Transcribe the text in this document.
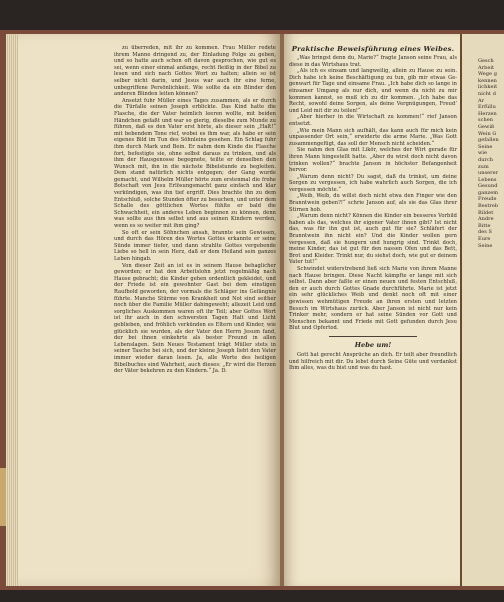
zu überreden, mit ihr zu kommen. Frau Müller redete ihrem Manne dringend zu, der Einladung Folge zu geben, und so hatte auch schon oft davon gesprochen, wie gut es sei, wenn einer einmal anfange, recht fleißig in der Bibel zu lesen und sich nach Gottes Wort zu halten; allein so ist selber nicht darin, und Jesus war auch ihr eine ferne, unbegriffene Persönlichkeit. Wie sollte da ein Blinder den anderen Blinden leiten können?

Ansetzt fuhr Müller eines Tages zusammen, als er durch die Türfalle seinen Joseph erblickte. Das Kind hatte die Flasche, die der Vater heimlich leeren wollte, mit beiden Händchen gefaßt und war so gierig, dieselbe zum Munde zu führen, daß es den Vater erst hörte, als dieser sein „Halt!“ mit bebendem Tone rief, wobei es ihm war, als habe er sein eigenes Bild im Tun des Söhnleins gesehen. Ein Schlag fuhr ihm durch Mark und Bein. Er nahm dem Kinde die Flasche fort, befestigte sie, ohne selbst daraus zu trinken, und als ihm der Hausgenosse begegnete, teilte er denselben den Wunsch mit, ihn in die nächste Bibelstunde zu begleiten. Dem stand natürlich nichts entgegen; der Gang wurde gemacht, und Wilhelm Müller hörte zum erstenmal die frohe Botschaft von Jesu Erlösungsmacht ganz einfach und klar verkündigen, was ihn tief ergriff. Dies brachte ihn zu dem Entschluß, solche Stunden öfter zu besuchen, und unter dem Schalle des göttlichen Wortes fühlte er bald die Schwachheit, ein anderes Leben beginnen zu können, denn was sollte aus ihm selbst und aus seinen Kindern werden, wenn es so weiter mit ihm ging?

So oft er sein Söhnchen ansah, brannte sein Gewissen, und durch das Hören des Wortes Gottes erkannte er seine Sünde immer tiefer, und dann strahlte Gottes vergebende Liebe so hell in sein Herz, daß er dem Heiland sein ganzes Leben hingab.

Von dieser Zeit an ist es in seinem Hause behaglicher geworden; er hat den Arbeitslohn jetzt regelmäßig nach Hause gebracht; die Kinder gehen ordentlich gekleidet, und der Friede ist ein gewohnter Gast bei dem einstigen Raufbold geworden, der vormals die Schläger ins Gefängnis führte. Manche Stürme von Krankheit und Not sind seither noch über die Familie Müller dahingeweht; allezeit Leid und sorgliches Auskommen waren oft ihr Teil; aber Gottes Wort ist ihr auch in den schwersten Tagen Halt und Licht geblieben, und fröhlich verkünden es Eltern und Kinder, wie glücklich sie wurden, als der Vater den Herrn Jesum fand, der bei ihnen einkehrte als bester Freund in allen Lebenslagen. Sein Neues Testament trägt Müller stets in seiner Tasche bei sich, und der kleine Joseph liebt den Vater immer wieder daran lesen. Ja, alle Worte des heiligen Bibelbuches sind Wahrheit, auch dieses: „Er wird die Herzen der Väter bekehren zu den Kindern.“ Ja. D.

Praktische Beweisführung eines Weibes.

„Was bringst denn du, Marie?“ fragte Janson seine Frau, als diese in das Wirtshaus trat.

„Als ich es einsam und langweilig, allein zu Hause zu sein. Dich habe ich keine Beschäftigung zu tun, gib mir etwas Gegenwart für Tage und einsame Frau. „Ich habe dich so lange in einsamer Umgang als nur dich, und wenn du nicht zu mir kommen kannst, so muß ich zu dir kommen. „Ich habe das Recht, sowohl deine Sorgen, als deine Vergnügungen, Freud’ und Leid mit dir zu teilen!“

„Aber hierher in die Wirtschaft zu kommen!“ rief Janson entsetzt.

„Wie mein Mann sich aufhält, das kann auch für mich kein unpassender Ort sein,“ erwiderte die arme Marie. „Was Gott zusammengefügt, das soll der Mensch nicht scheiden.“

Sie nahm den Glas mit Likör, welches der Wirt gerade für ihren Mann hingestellt hatte. „Aber du wirst doch nicht davon trinken wollen?“ brachte Janson in höchster Befangenheit hervor.

„Warum denn nicht? Du sagst, daß du trinkst, um deine Sorgen zu vergessen, ich habe wahrlich auch Sorgen, die ich vergessen möchte.“

„Weib, Weib, du willst doch nicht etwa den Finger wie den Branntwein geben?!“ schrie Janson auf, als sie das Glas ihrer Stirnen hob.

„Warum denn nicht? Können die Kinder ein besseres Vorbild haben als das, welches ihr eigener Vater ihnen gibt? Ist nicht das, was für ihn gut ist, auch gut für sie? Schläfert der Branntwein ihn nicht ein? Und die Kinder wollen gern vergessen, daß sie hungern und hungrig sind. Trinkt doch, meine Kinder, das ist gut für den nassen Ofen und das Bett, Brot und Kleider. Trinkt nur, du siehst doch, wie gut er deinem Vater tut!“

Schwindet widerstrebend ließ sich Marie von ihrem Manne nach Hause bringen. Diese Nacht kämpfte er lange mit sich selbst. Dann aber faßte er einen neuen und festen Entschluß, den er auch durch Gottes Gnade durchführte. Marie ist jetzt ein sehr glückliches Weib und denkt noch oft mit einer gewissen wehmütigen Freude an ihren ersten und letzten Besuch im Wirtshaus zurück. Aber Janson ist nicht nur kein Trinker mehr, sondern er hat seine Sünden vor Gott und Menschen bekannt und Friede mit Gott gefunden durch Jesu Blut und Opfertod.

Hebe um!

Gott hat gerecht Ansprüche an dich. Er teilt aber freundlich und hilfreich mit dir. Du lebst durch Seine Güte und verdankst Ihm alles, was du bist und was du hast.

Gesch
Arbeit
Wege g
kennen
lichkeit
nicht d
Ar
Erfüllu
Herzen
schen
Gewiß
Wein G
gefallen
Seine
wie
durch
zum
unserer
Lebens
Gesund
ganzem
Freude
Bestreb
Bildet
Andre
Bitte
des S
Eure
Seine
